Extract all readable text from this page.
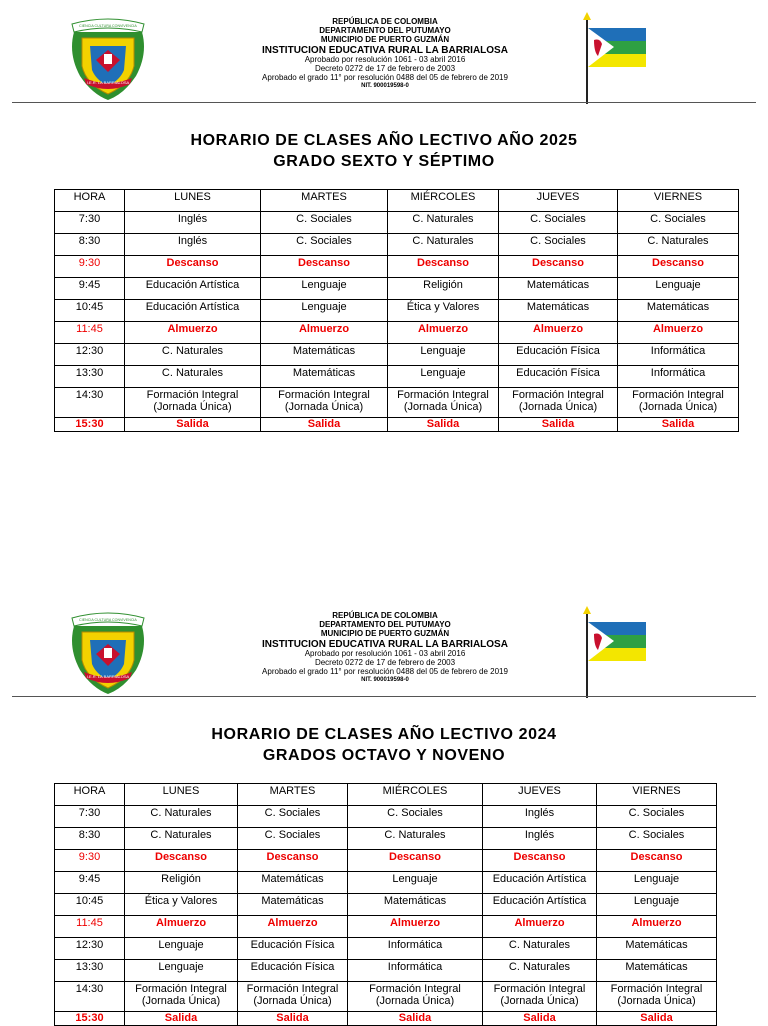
CIENCIA CULTURA CONVIVENCIA
I.E.R. LA BARRIALOSA
REPÚBLICA DE COLOMBIA
DEPARTAMENTO DEL PUTUMAYO
MUNICIPIO DE PUERTO GUZMÁN
INSTITUCION EDUCATIVA RURAL LA BARRIALOSA
Aprobado por resolución 1061 - 03 abril 2016
Decreto 0272 de 17 de febrero de 2003
Aprobado el grado 11° por resolución 0488 del 05 de febrero de 2019
NIT. 900019598-0
HORARIO DE CLASES AÑO LECTIVO AÑO 2025
GRADO SEXTO Y SÉPTIMO
HORA	LUNES	MARTES	MIÉRCOLES	JUEVES	VIERNES
7:30	Inglés	C. Sociales	C. Naturales	C. Sociales	C. Sociales
8:30	Inglés	C. Sociales	C. Naturales	C. Sociales	C. Naturales
9:30	Descanso	Descanso	Descanso	Descanso	Descanso
9:45	Educación Artística	Lenguaje	Religión	Matemáticas	Lenguaje
10:45	Educación Artística	Lenguaje	Ética y Valores	Matemáticas	Matemáticas
11:45	Almuerzo	Almuerzo	Almuerzo	Almuerzo	Almuerzo
12:30	C. Naturales	Matemáticas	Lenguaje	Educación Física	Informática
13:30	C. Naturales	Matemáticas	Lenguaje	Educación Física	Informática
14:30	Formación Integral (Jornada Única)	Formación Integral (Jornada Única)	Formación Integral (Jornada Única)	Formación Integral (Jornada Única)	Formación Integral (Jornada Única)
15:30	Salida	Salida	Salida	Salida	Salida
CIENCIA CULTURA CONVIVENCIA
I.E.R. LA BARRIALOSA
REPÚBLICA DE COLOMBIA
DEPARTAMENTO DEL PUTUMAYO
MUNICIPIO DE PUERTO GUZMÁN
INSTITUCION EDUCATIVA RURAL LA BARRIALOSA
Aprobado por resolución 1061 - 03 abril 2016
Decreto 0272 de 17 de febrero de 2003
Aprobado el grado 11° por resolución 0488 del 05 de febrero de 2019
NIT. 900019598-0
HORARIO DE CLASES AÑO LECTIVO 2024
GRADOS OCTAVO Y NOVENO
HORA	LUNES	MARTES	MIÉRCOLES	JUEVES	VIERNES
7:30	C. Naturales	C. Sociales	C. Sociales	Inglés	C. Sociales
8:30	C. Naturales	C. Sociales	C. Naturales	Inglés	C. Sociales
9:30	Descanso	Descanso	Descanso	Descanso	Descanso
9:45	Religión	Matemáticas	Lenguaje	Educación Artística	Lenguaje
10:45	Ética y Valores	Matemáticas	Matemáticas	Educación Artística	Lenguaje
11:45	Almuerzo	Almuerzo	Almuerzo	Almuerzo	Almuerzo
12:30	Lenguaje	Educación Física	Informática	C. Naturales	Matemáticas
13:30	Lenguaje	Educación Física	Informática	C. Naturales	Matemáticas
14:30	Formación Integral (Jornada Única)	Formación Integral (Jornada Única)	Formación Integral (Jornada Única)	Formación Integral (Jornada Única)	Formación Integral (Jornada Única)
15:30	Salida	Salida	Salida	Salida	Salida
